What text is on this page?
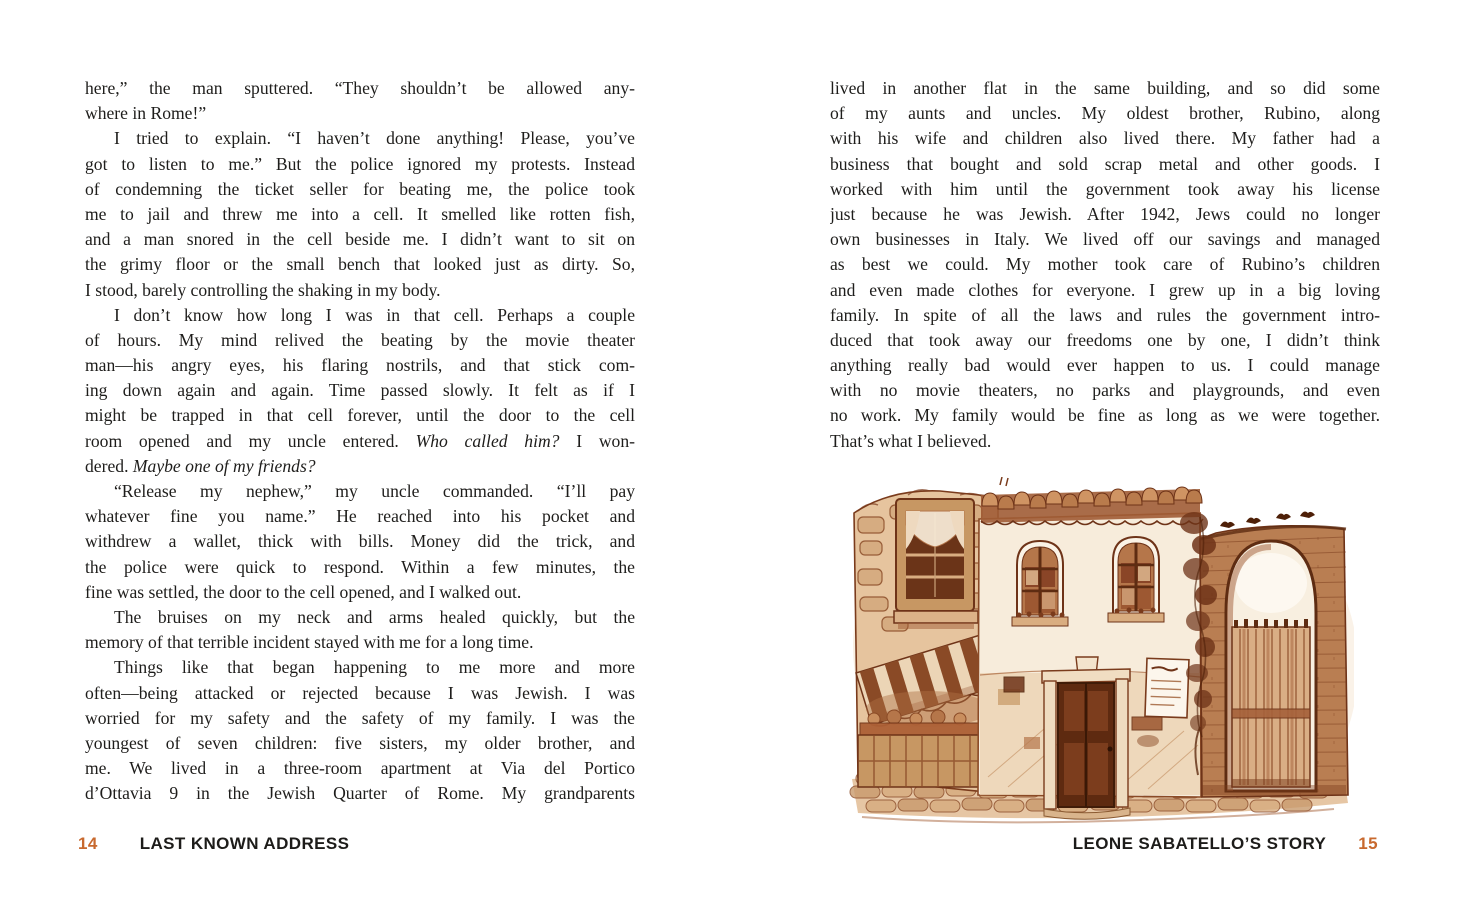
here,” the man sputtered. “They shouldn’t be allowed any-
where in Rome!”
I tried to explain. “I haven’t done anything! Please, you’ve
got to listen to me.” But the police ignored my protests. Instead
of condemning the ticket seller for beating me, the police took
me to jail and threw me into a cell. It smelled like rotten fish,
and a man snored in the cell beside me. I didn’t want to sit on
the grimy floor or the small bench that looked just as dirty. So,
I stood, barely controlling the shaking in my body.
I don’t know how long I was in that cell. Perhaps a couple
of hours. My mind relived the beating by the movie theater
man—his angry eyes, his flaring nostrils, and that stick com-
ing down again and again. Time passed slowly. It felt as if I
might be trapped in that cell forever, until the door to the cell
room opened and my uncle entered. Who called him? I won-
dered. Maybe one of my friends?
“Release my nephew,” my uncle commanded. “I’ll pay
whatever fine you name.” He reached into his pocket and
withdrew a wallet, thick with bills. Money did the trick, and
the police were quick to respond. Within a few minutes, the
fine was settled, the door to the cell opened, and I walked out.
The bruises on my neck and arms healed quickly, but the
memory of that terrible incident stayed with me for a long time.
Things like that began happening to me more and more
often—being attacked or rejected because I was Jewish. I was
worried for my safety and the safety of my family. I was the
youngest of seven children: five sisters, my older brother, and
me. We lived in a three-room apartment at Via del Portico
d’Ottavia 9 in the Jewish Quarter of Rome. My grandparents
14 LAST KNOWN ADDRESS
lived in another flat in the same building, and so did some
of my aunts and uncles. My oldest brother, Rubino, along
with his wife and children also lived there. My father had a
business that bought and sold scrap metal and other goods. I
worked with him until the government took away his license
just because he was Jewish. After 1942, Jews could no longer
own businesses in Italy. We lived off our savings and managed
as best we could. My mother took care of Rubino’s children
and even made clothes for everyone. I grew up in a big loving
family. In spite of all the laws and rules the government intro-
duced that took away our freedoms one by one, I didn’t think
anything really bad would ever happen to us. I could manage
with no movie theaters, no parks and playgrounds, and even
no work. My family would be fine as long as we were together.
That’s what I believed.
LEONE SABATELLO’S STORY 15
